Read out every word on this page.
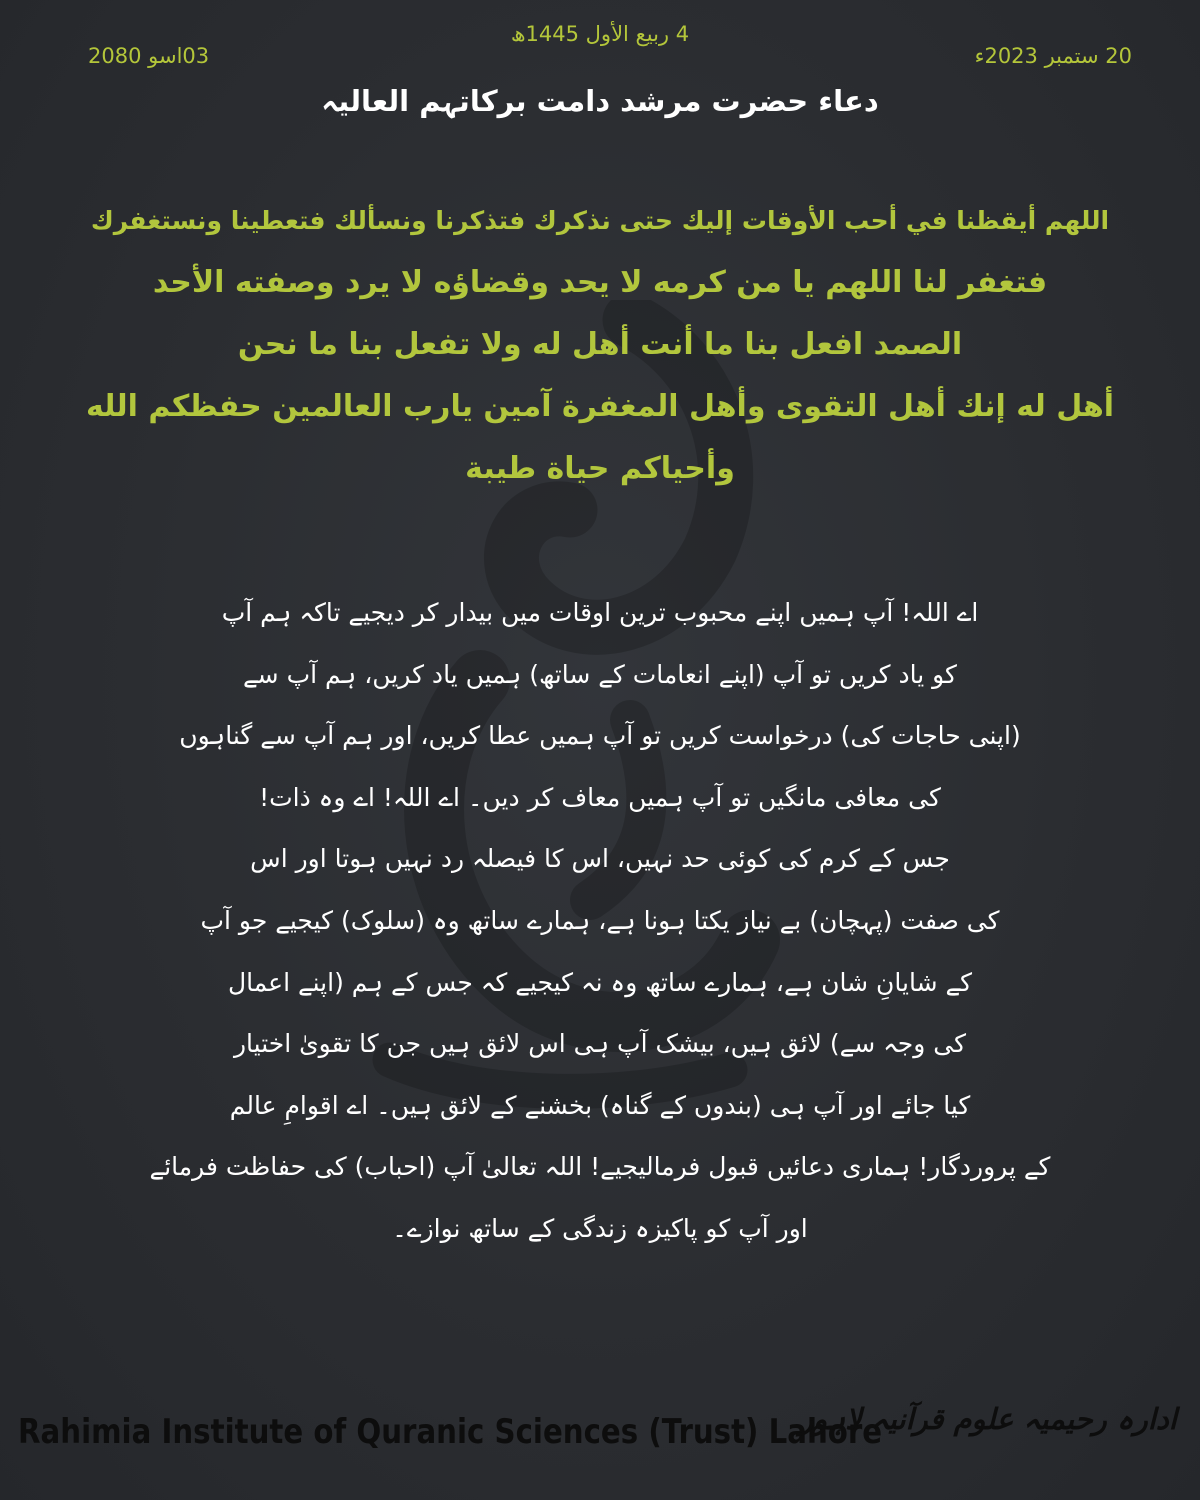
4 ربیع الأول 1445ھ
20 ستمبر 2023ء
03اسو 2080
دعاء حضرت مرشد دامت برکاتہم العالیہ
اللهم أيقظنا في أحب الأوقات إليك حتى نذكرك فتذكرنا ونسألك فتعطينا ونستغفرك
فتغفر لنا اللهم يا من كرمه لا يحد وقضاؤه لا يرد وصفته الأحد
الصمد افعل بنا ما أنت أهل له ولا تفعل بنا ما نحن
أهل له إنك أهل التقوى وأهل المغفرة آمين يارب العالمين حفظكم الله
وأحياكم حياة طيبة
اے اللہ! آپ ہمیں اپنے محبوب ترین اوقات میں بیدار کر دیجیے تاکہ ہم آپ
کو یاد کریں تو آپ (اپنے انعامات کے ساتھ) ہمیں یاد کریں، ہم آپ سے
(اپنی حاجات کی) درخواست کریں تو آپ ہمیں عطا کریں، اور ہم آپ سے گناہوں
کی معافی مانگیں تو آپ ہمیں معاف کر دیں۔ اے اللہ! اے وہ ذات!
جس کے کرم کی کوئی حد نہیں، اس کا فیصلہ رد نہیں ہوتا اور اس
کی صفت (پہچان) بے نیاز یکتا ہونا ہے، ہمارے ساتھ وہ (سلوک) کیجیے جو آپ
کے شایانِ شان ہے، ہمارے ساتھ وہ نہ کیجیے کہ جس کے ہم (اپنے اعمال
کی وجہ سے) لائق ہیں، بیشک آپ ہی اس لائق ہیں جن کا تقویٰ اختیار
کیا جائے اور آپ ہی (بندوں کے گناہ) بخشنے کے لائق ہیں۔ اے اقوامِ عالم
کے پروردگار! ہماری دعائیں قبول فرمالیجیے! اللہ تعالیٰ آپ (احباب) کی حفاظت فرمائے
اور آپ کو پاکیزہ زندگی کے ساتھ نوازے۔
Rahimia Institute of Quranic Sciences (Trust) Lahore
ادارہ رحیمیہ علوم قرآنیہ لاہور
